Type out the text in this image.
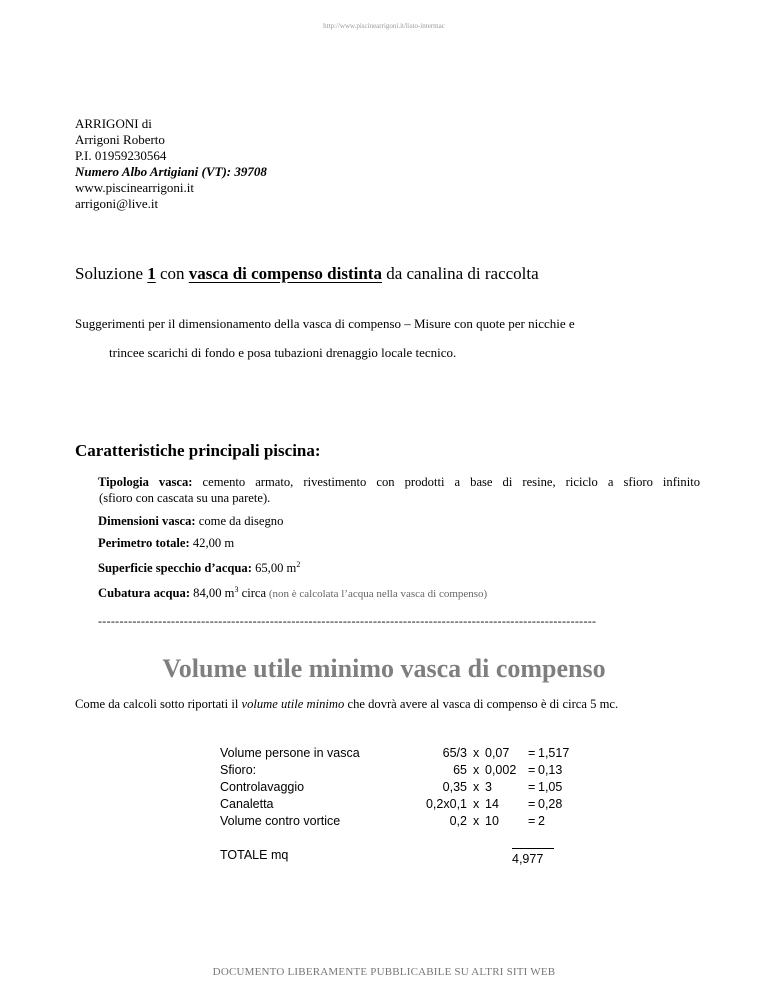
http://www.piscinearrigoni.it/listo-intermac
ARRIGONI di
Arrigoni Roberto
P.I. 01959230564
Numero Albo Artigiani (VT): 39708
www.piscinearrigoni.it
arrigoni@live.it
Soluzione 1 con vasca di compenso distinta da canalina di raccolta
Suggerimenti per il dimensionamento della vasca di compenso – Misure con quote per nicchie e
trincee scarichi di fondo e posa tubazioni drenaggio locale tecnico.
Caratteristiche principali piscina:
Tipologia vasca: cemento armato, rivestimento con prodotti a base di resine, riciclo a sfioro infinito
(sfioro con cascata su una parete).
Dimensioni vasca: come da disegno
Perimetro totale: 42,00 m
Superficie specchio d’acqua: 65,00 $m^2$
Cubatura acqua: 84,00 $m^3$ circa (non è calcolata l’acqua nella vasca di compenso)
--------------------------------------------------------------------------------------------------------------------
Volume utile minimo vasca di compenso
Come da calcoli sotto riportati il volume utile minimo che dovrà avere al vasca di compenso è di circa 5 mc.
Volume persone in vasca	65/3 x 0,07 = 1,517
Sfioro:	65 x 0,002 = 0,13
Controlavaggio	0,35 x 3	= 1,05
Canaletta	0,2x0,1 x 14 = 0,28
Volume contro vortice	0,2 x 10 = 2
TOTALE mq	4,977
DOCUMENTO LIBERAMENTE PUBBLICABILE SU ALTRI SITI WEB
